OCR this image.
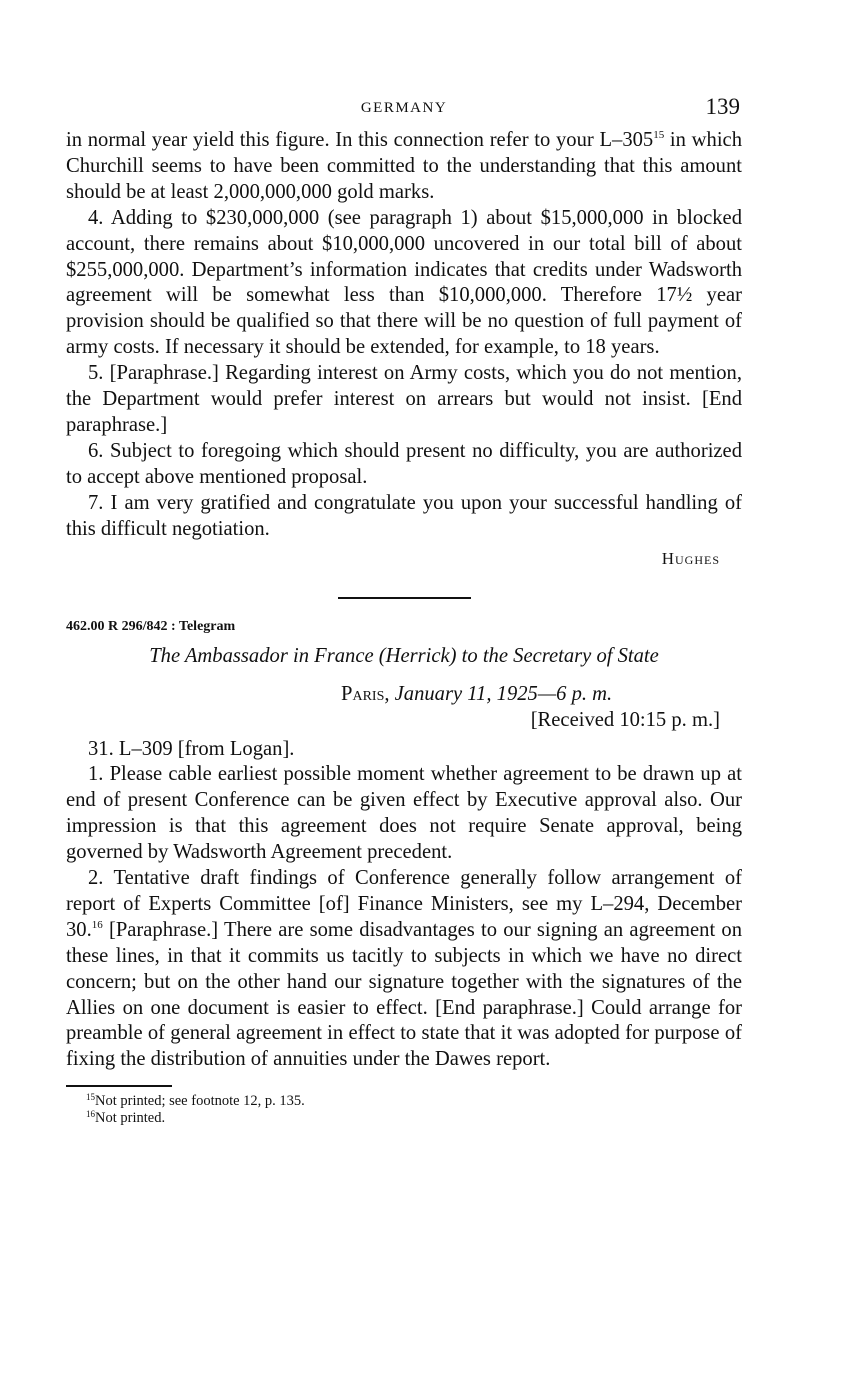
GERMANY	139

in normal year yield this figure. In this connection refer to your $L-305^{15}$ in which Churchill seems to have been committed to the understanding that this amount should be at least 2,000,000,000 gold marks.

4. Adding to $230,000,000 (see paragraph 1) about $15,000,000 in blocked account, there remains about $10,000,000 uncovered in our total bill of about $255,000,000. Department’s information indicates that credits under Wadsworth agreement will be somewhat less than $10,000,000. Therefore 17½ year provision should be qualified so that there will be no question of full payment of army costs. If necessary it should be extended, for example, to 18 years.

5. [Paraphrase.] Regarding interest on Army costs, which you do not mention, the Department would prefer interest on arrears but would not insist. [End paraphrase.]

6. Subject to foregoing which should present no difficulty, you are authorized to accept above mentioned proposal.

7. I am very gratified and congratulate you upon your successful handling of this difficult negotiation.

Hughes
462.00 R 296/842 : Telegram
The Ambassador in France (Herrick) to the Secretary of State
Paris, January 11, 1925—6 p. m.
[Received 10:15 p. m.]

31. L–309 [from Logan].

1. Please cable earliest possible moment whether agreement to be drawn up at end of present Conference can be given effect by Executive approval also. Our impression is that this agreement does not require Senate approval, being governed by Wadsworth Agreement precedent.

2. Tentative draft findings of Conference generally follow arrangement of report of Experts Committee [of] Finance Ministers, see my L–294, December 30.16 [Paraphrase.] There are some disadvantages to our signing an agreement on these lines, in that it commits us tacitly to subjects in which we have no direct concern; but on the other hand our signature together with the signatures of the Allies on one document is easier to effect. [End paraphrase.] Could arrange for preamble of general agreement in effect to state that it was adopted for purpose of fixing the distribution of annuities under the Dawes report.

$^{15}$Not printed; see footnote 12, p. 135.
$^{16}$Not printed.
